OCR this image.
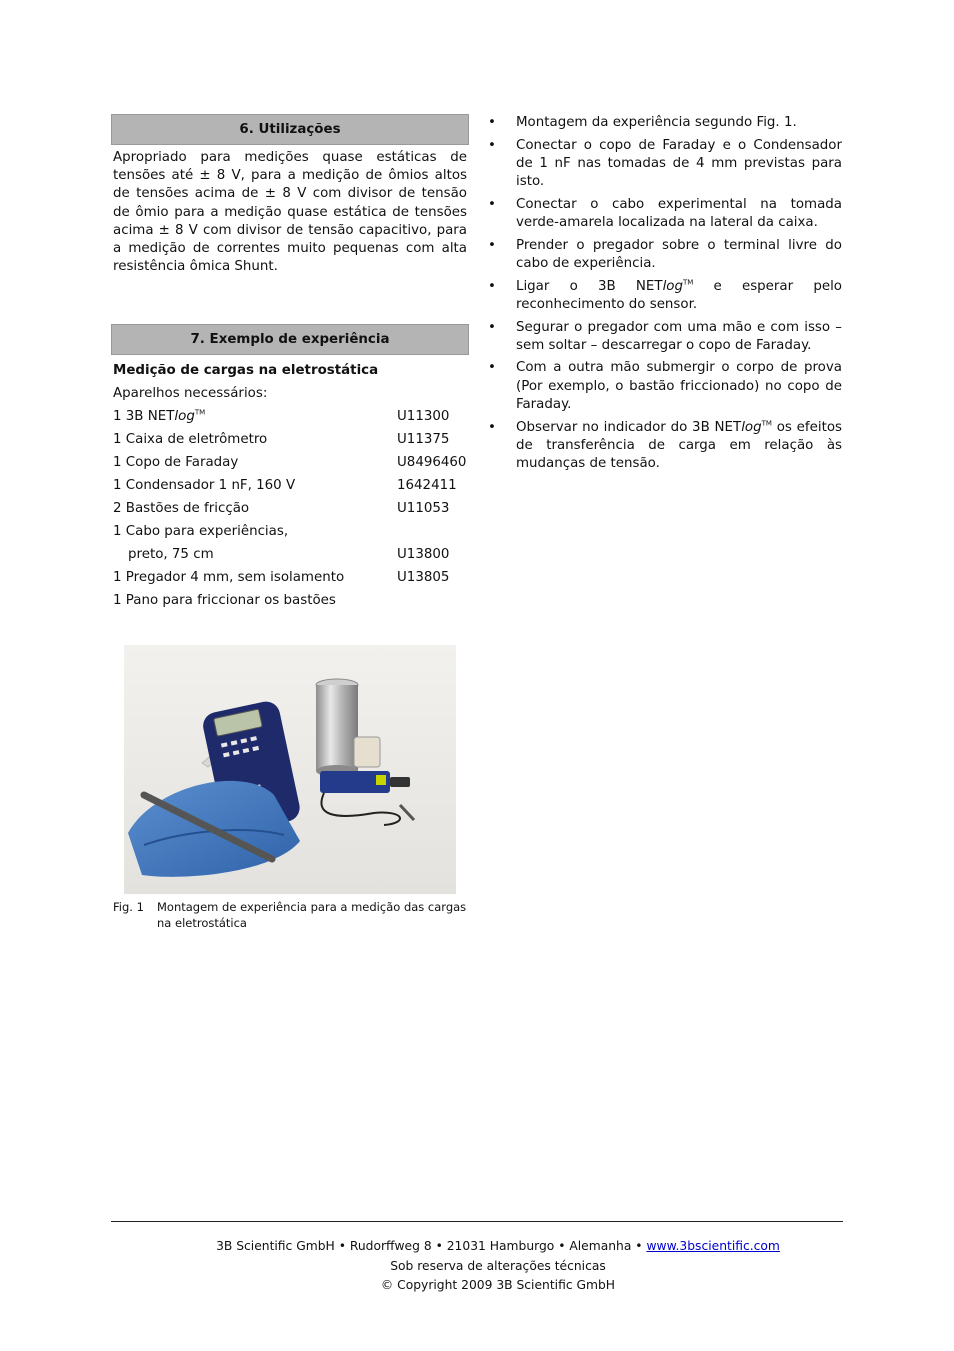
6. Utilizações
Apropriado para medições quase estáticas de tensões até ± 8 V, para a medição de ômios altos de tensões acima de ± 8 V com divisor de tensão de ômio para a medição quase estática de tensões acima ± 8 V com divisor de tensão capacitivo, para a medição de correntes muito pequenas com alta resistência ômica Shunt.
7. Exemplo de experiência
Medição de cargas na eletrostática
Aparelhos necessários:
1 3B NETlog™	U11300
1 Caixa de eletrômetro	U11375
1 Copo de Faraday	U8496460
1 Condensador 1 nF, 160 V	1642411
2 Bastões de fricção	U11053
1 Cabo para experiências,
preto, 75 cm	U13800
1 Pregador 4 mm, sem isolamento	U13805
1 Pano para friccionar os bastões
Fig. 1	Montagem de experiência para a medição das cargas na eletrostática
• Montagem da experiência segundo Fig. 1.
• Conectar o copo de Faraday e o Condensador de 1 nF nas tomadas de 4 mm previstas para isto.
• Conectar o cabo experimental na tomada verde-amarela localizada na lateral da caixa.
• Prender o pregador sobre o terminal livre do cabo de experiência.
• Ligar o 3B NETlog™ e esperar pelo reconhecimento do sensor.
• Segurar o pregador com uma mão e com isso – sem soltar – descarregar o copo de Faraday.
• Com a outra mão submergir o corpo de prova (Por exemplo, o bastão friccionado) no copo de Faraday.
• Observar no indicador do 3B NETlog™ os efeitos de transferência de carga em relação às mudanças de tensão.
3B Scientific GmbH • Rudorffweg 8 • 21031 Hamburgo • Alemanha • www.3bscientific.com
Sob reserva de alterações técnicas
© Copyright 2009 3B Scientific GmbH
